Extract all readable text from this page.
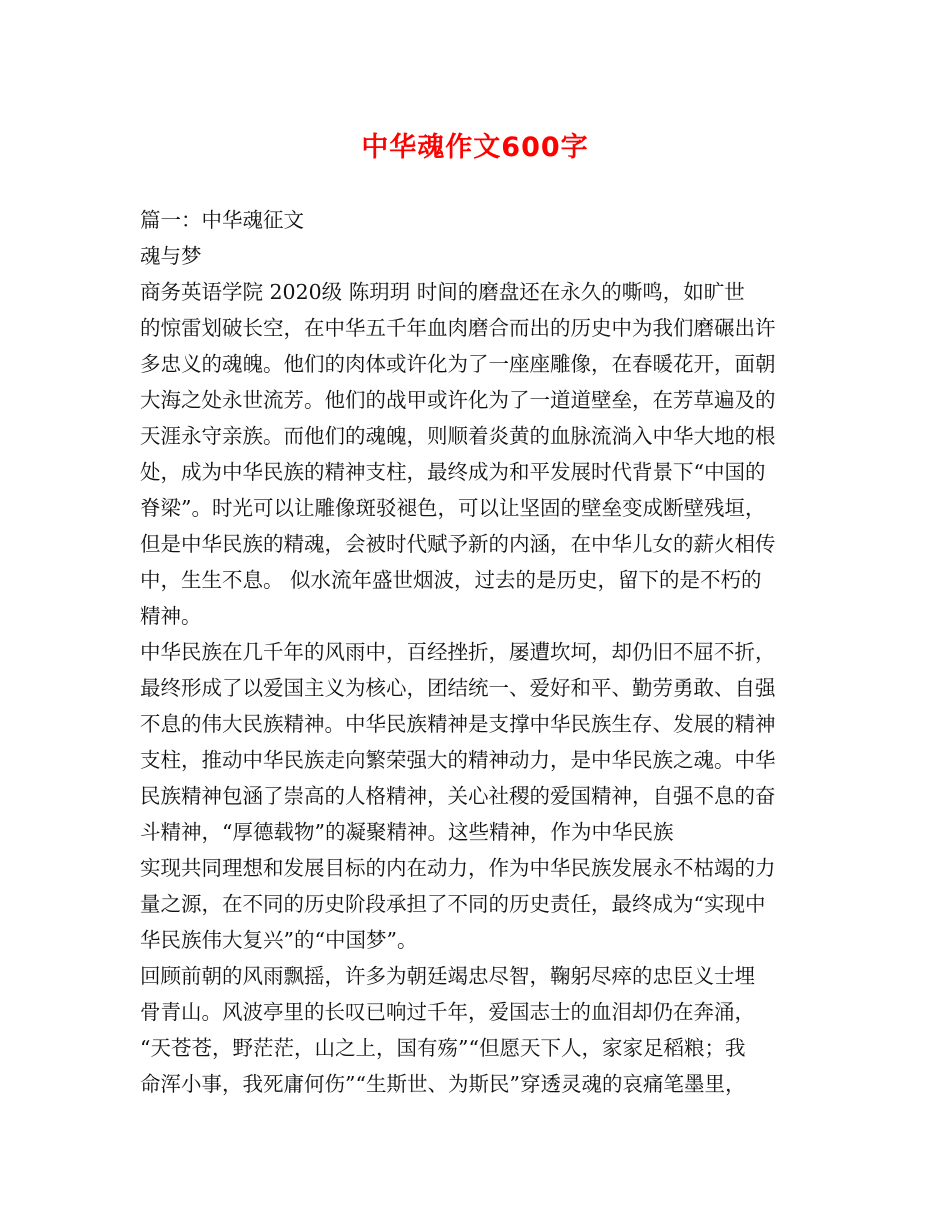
中华魂作文600字
篇一：中华魂征文
魂与梦
商务英语学院 2020级 陈玥玥 时间的磨盘还在永久的嘶鸣，如旷世
的惊雷划破长空，在中华五千年血肉磨合而出的历史中为我们磨碾出许
多忠义的魂魄。他们的肉体或许化为了一座座雕像，在春暖花开，面朝
大海之处永世流芳。他们的战甲或许化为了一道道壁垒，在芳草遍及的
天涯永守亲族。而他们的魂魄，则顺着炎黄的血脉流淌入中华大地的根
处，成为中华民族的精神支柱，最终成为和平发展时代背景下“中国的
脊梁”。时光可以让雕像斑驳褪色，可以让坚固的壁垒变成断壁残垣，
但是中华民族的精魂，会被时代赋予新的内涵，在中华儿女的薪火相传
中，生生不息。 似水流年盛世烟波，过去的是历史，留下的是不朽的
精神。
中华民族在几千年的风雨中，百经挫折，屡遭坎坷，却仍旧不屈不折，
最终形成了以爱国主义为核心，团结统一、爱好和平、勤劳勇敢、自强
不息的伟大民族精神。中华民族精神是支撑中华民族生存、发展的精神
支柱，推动中华民族走向繁荣强大的精神动力，是中华民族之魂。中华
民族精神包涵了崇高的人格精神，关心社稷的爱国精神，自强不息的奋
斗精神，“厚德载物”的凝聚精神。这些精神，作为中华民族
实现共同理想和发展目标的内在动力，作为中华民族发展永不枯竭的力
量之源，在不同的历史阶段承担了不同的历史责任，最终成为“实现中
华民族伟大复兴”的“中国梦”。
回顾前朝的风雨飘摇，许多为朝廷竭忠尽智，鞠躬尽瘁的忠臣义士埋
骨青山。风波亭里的长叹已响过千年，爱国志士的血泪却仍在奔涌，
“天苍苍，野茫茫，山之上，国有殇”“但愿天下人，家家足稻粮；我
命浑小事，我死庸何伤”“生斯世、为斯民”穿透灵魂的哀痛笔墨里，
